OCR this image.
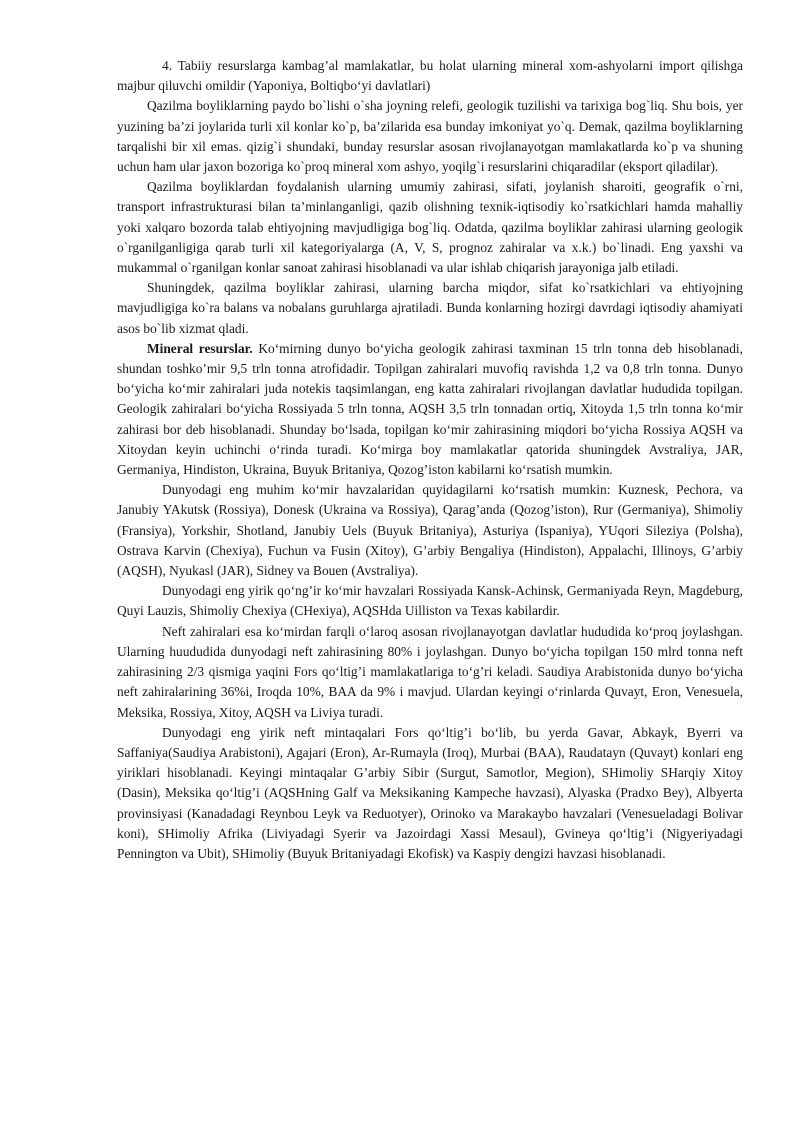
4. Tabiiy resurslarga kambag’al mamlakatlar, bu holat ularning mineral xom-ashyolarni import qilishga majbur qiluvchi omildir (Yaponiya, Boltiqbo‘yi davlatlari)

Qazilma boyliklarning paydo bo`lishi o`sha joyning relefi, geologik tuzilishi va tarixiga bog`liq. Shu bois, yer yuzining ba’zi joylarida turli xil konlar ko`p, ba’zilarida esa bunday imkoniyat yo`q. Demak, qazilma boyliklarning tarqalishi bir xil emas. qizig`i shundaki, bunday resurslar asosan rivojlanayotgan mamlakatlarda ko`p va shuning uchun ham ular jaxon bozoriga ko`proq mineral xom ashyo, yoqilg`i resurslarini chiqaradilar (eksport qiladilar).

Qazilma boyliklardan foydalanish ularning umumiy zahirasi, sifati, joylanish sharoiti, geografik o`rni, transport infrastrukturasi bilan ta’minlanganligi, qazib olishning texnik-iqtisodiy ko`rsatkichlari hamda mahalliy yoki xalqaro bozorda talab ehtiyojning mavjudligiga bog`liq. Odatda, qazilma boyliklar zahirasi ularning geologik o`rganilganligiga qarab turli xil kategoriyalarga (A, V, S, prognoz zahiralar va x.k.) bo`linadi. Eng yaxshi va mukammal o`rganilgan konlar sanoat zahirasi hisoblanadi va ular ishlab chiqarish jarayoniga jalb etiladi.

Shuningdek, qazilma boyliklar zahirasi, ularning barcha miqdor, sifat ko`rsatkichlari va ehtiyojning mavjudligiga ko`ra balans va nobalans guruhlarga ajratiladi. Bunda konlarning hozirgi davrdagi iqtisodiy ahamiyati asos bo`lib xizmat qladi.

Mineral resurslar. Ko‘mirning dunyo bo‘yicha geologik zahirasi taxminan 15 trln tonna deb hisoblanadi, shundan toshko’mir 9,5 trln tonna atrofidadir. Topilgan zahiralari muvofiq ravishda 1,2 va 0,8 trln tonna. Dunyo bo‘yicha ko‘mir zahiralari juda notekis taqsimlangan, eng katta zahiralari rivojlangan davlatlar hududida topilgan. Geologik zahiralari bo‘yicha Rossiyada 5 trln tonna, AQSH 3,5 trln tonnadan ortiq, Xitoyda 1,5 trln tonna ko‘mir zahirasi bor deb hisoblanadi. Shunday bo‘lsada, topilgan ko‘mir zahirasining miqdori bo‘yicha Rossiya AQSH va Xitoydan keyin uchinchi o‘rinda turadi. Ko‘mirga boy mamlakatlar qatorida shuningdek Avstraliya, JAR, Germaniya, Hindiston, Ukraina, Buyuk Britaniya, Qozog’iston kabilarni ko‘rsatish mumkin.

Dunyodagi eng muhim ko‘mir havzalaridan quyidagilarni ko‘rsatish mumkin: Kuznesk, Pechora, va Janubiy YAkutsk (Rossiya), Donesk (Ukraina va Rossiya), Qarag’anda (Qozog’iston), Rur (Germaniya), Shimoliy (Fransiya), Yorkshir, Shotland, Janubiy Uels (Buyuk Britaniya), Asturiya (Ispaniya), YUqori Sileziya (Polsha), Ostrava Karvin (Chexiya), Fuchun va Fusin (Xitoy), G’arbiy Bengaliya (Hindiston), Appalachi, Illinoys, G’arbiy (AQSH), Nyukasl (JAR), Sidney va Bouen (Avstraliya).

Dunyodagi eng yirik qo‘ng’ir ko‘mir havzalari Rossiyada Kansk-Achinsk, Germaniyada Reyn, Magdeburg, Quyi Lauzis, Shimoliy Chexiya (CHexiya), AQSHda Uilliston va Texas kabilardir.

Neft zahiralari esa ko‘mirdan farqli o‘laroq asosan rivojlanayotgan davlatlar hududida ko‘proq joylashgan. Ularning huududida dunyodagi neft zahirasining 80% i joylashgan. Dunyo bo‘yicha topilgan 150 mlrd tonna neft zahirasining 2/3 qismiga yaqini Fors qo‘ltig’i mamlakatlariga to‘g’ri keladi. Saudiya Arabistonida dunyo bo‘yicha neft zahiralarining 36%i, Iroqda 10%, BAA da 9% i mavjud. Ulardan keyingi o‘rinlarda Quvayt, Eron, Venesuela, Meksika, Rossiya, Xitoy, AQSH va Liviya turadi.

Dunyodagi eng yirik neft mintaqalari Fors qo‘ltig’i bo‘lib, bu yerda Gavar, Abkayk, Byerri va Saffaniya(Saudiya Arabistoni), Agajari (Eron), Ar-Rumayla (Iroq), Murbai (BAA), Raudatayn (Quvayt) konlari eng yiriklari hisoblanadi. Keyingi mintaqalar G’arbiy Sibir (Surgut, Samotlor, Megion), SHimoliy SHarqiy Xitoy (Dasin), Meksika qo‘ltig’i (AQSHning Galf va Meksikaning Kampeche havzasi), Alyaska (Pradxo Bey), Albyerta provinsiyasi (Kanadadagi Reynbou Leyk va Reduotyer), Orinoko va Marakaybo havzalari (Venesueladagi Bolivar koni), SHimoliy Afrika (Liviyadagi Syerir va Jazoirdagi Xassi Mesaul), Gvineya qo‘ltig’i (Nigyeriyadagi Pennington va Ubit), SHimoliy (Buyuk Britaniyadagi Ekofisk) va Kaspiy dengizi havzasi hisoblanadi.
